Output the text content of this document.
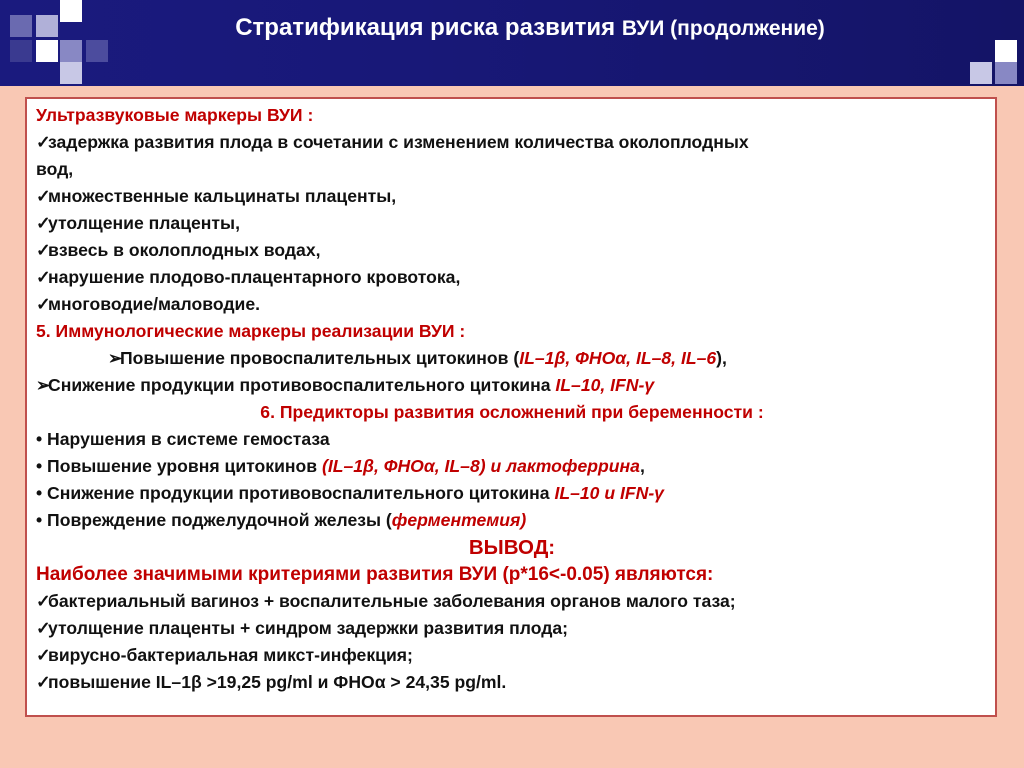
Стратификация риска развития ВУИ (продолжение)
Ультразвуковые маркеры ВУИ :
✓задержка развития плода в сочетании с изменением количества околоплодных
вод,
✓множественные кальцинаты плаценты,
✓утолщение плаценты,
✓взвесь в околоплодных водах,
✓нарушение плодово-плацентарного кровотока,
✓многоводие/маловодие.
5. Иммунологические маркеры реализации ВУИ :
➢Повышение провоспалительных цитокинов (IL–1β, ФНОα, IL–8, IL–6),
➢Снижение продукции противовоспалительного цитокина IL–10, IFN-γ
6. Предикторы развития осложнений при беременности :
• Нарушения в системе гемостаза
• Повышение уровня цитокинов (IL–1β, ФНОα, IL–8) и лактоферрина,
• Снижение продукции противовоспалительного цитокина IL–10 и IFN-γ
• Повреждение поджелудочной железы (ферментемия)
ВЫВОД:
Наиболее значимыми критериями развития ВУИ (p*16<-0.05) являются:
✓бактериальный вагиноз + воспалительные заболевания органов малого таза;
✓утолщение плаценты + синдром задержки развития плода;
✓вирусно-бактериальная микст-инфекция;
✓повышение IL–1β >19,25 pg/ml и ФНОα > 24,35 pg/ml.
